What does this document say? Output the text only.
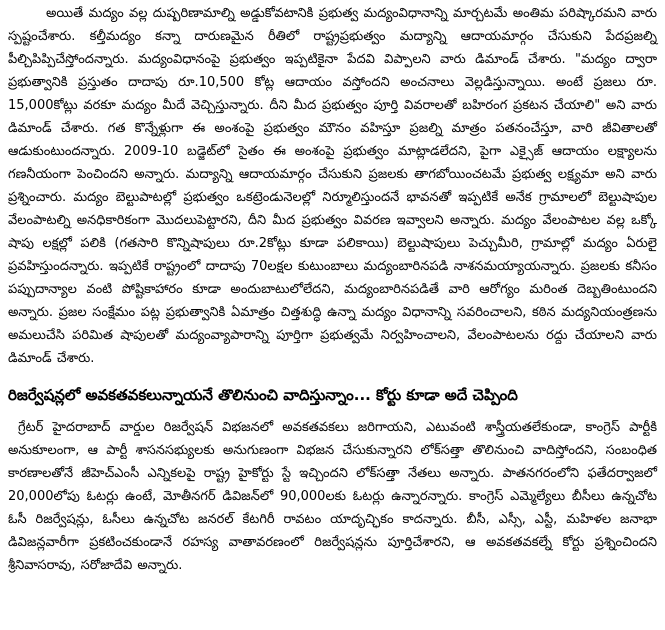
అయితే మద్యం వల్ల దుష్పరిణామాల్ని అడ్డుకోవటానికి ప్రభుత్వ మద్యంవిధానాన్ని మార్చటమే అంతిమ పరిష్కారమని వారు స్పష్టంచేశారు. కల్తీమద్యం కన్నా దారుణమైన రీతిలో రాష్ట్రప్రభుత్వం మద్యాన్ని ఆదాయమార్గం చేసుకుని పేదప్రజల్ని పీల్చిపిప్పిచేస్తోందన్నారు. మద్యంవిధానంపై ప్రభుత్వం ఇప్పటికైనా పేదవి విప్పాలని వారు డిమాండ్ చేశారు. "మద్యం ద్వారా ప్రభుత్వానికి ప్రస్తుతం దాదాపు రూ.10,500 కోట్ల ఆదాయం వస్తోందని అంచనాలు వెల్లడిస్తున్నాయి. అంటే ప్రజలు రూ. 15,000కోట్లు వరకూ మద్యం మీదే వెచ్చిస్తున్నారు. దీని మీద ప్రభుత్వం పూర్తి వివరాలతో బహిరంగ ప్రకటన చేయాలి" అని వారు డిమాండ్ చేశారు. గత కొన్నేళ్లుగా ఈ అంశంపై ప్రభుత్వం మౌనం వహిస్తూ ప్రజల్ని మాత్రం పతనంచేస్తూ, వారి జీవితాలతో ఆడుకుంటుందన్నారు. 2009-10 బడ్జెట్‌లో సైతం ఈ అంశంపై ప్రభుత్వం మాట్లాడలేదని, పైగా ఎక్సైజ్ ఆదాయం లక్ష్యాలను గణనీయంగా పెంచిందని అన్నారు. మద్యాన్ని ఆదాయమార్గం చేసుకుని ప్రజలకు తాగబోయించటమే ప్రభుత్వ లక్ష్యమా అని వారు ప్రశ్నించారు. మద్యం బెల్టుపాటల్లో ప్రభుత్వం ఒకట్రెండునెలల్లో నిర్మూలిస్తుందనే భావనతో ఇప్పటికే అనేక గ్రామాలలో బెల్టుషాపుల వేలంపాటల్ని అనధికారికంగా మొదలుపెట్టారని, దీని మీద ప్రభుత్వం వివరణ ఇవ్వాలని అన్నారు. మద్యం వేలంపాటల వల్ల ఒక్కో షాపు లక్షల్లో పలికి (గతసారి కొన్నిషాపులు రూ.2కోట్లు కూడా పలికాయి) బెల్టుషాపులు పెచ్చుమీరి, గ్రామాల్లో మద్యం ఏరులై ప్రవహిస్తుందన్నారు. ఇప్పటికే రాష్ట్రంలో దాదాపు 70లక్షల కుటుంబాలు మద్యంబారినపడి నాశనమయ్యాయన్నారు. ప్రజలకు కనీసం పప్పుదాన్యాల వంటి పోష్టికాహారం కూడా అందుబాటులోలేదని, మద్యంబారినపడితే వారి ఆరోగ్యం మరింత దెబ్బతింటుందని అన్నారు. ప్రజల సంక్షేమం పట్ల ప్రభుత్వానికి ఏమాత్రం చిత్తశుద్ధి ఉన్నా మద్యం విధానాన్ని సవరించాలని, కఠిన మద్యనియంత్రణను అమలుచేసి పరిమిత షాపులతో మద్యంవ్యాపారాన్ని పూర్తిగా ప్రభుత్వమే నిర్వహించాలని, వేలంపాటలను రద్దు చేయాలని వారు డిమాండ్ చేశారు.

రిజర్వేషన్లలో అవకతవకలున్నాయనే తొలినుంచి వాదిస్తున్నాం... కోర్టు కూడా అదే చెప్పింది

గ్రేటర్ హైదరాబాద్ వార్డుల రిజర్వేషన్ విభజనలో అవకతవకలు జరిగాయని, ఎటువంటి శాస్త్రీయతలేకుండా, కాంగ్రెస్ పార్టీకి అనుకూలంగా, ఆ పార్టీ శాసనసభ్యులకు అనుగుణంగా విభజన చేసుకున్నారని లోక్‌సత్తా తొలినుంచి వాదిస్తోందని, సంబంధిత కారణాలతోనే జీహెచ్ఎంసీ ఎన్నికలపై రాష్ట్ర హైకోర్టు స్టే ఇచ్చిందని లోక్‌సత్తా నేతలు అన్నారు. పాతనగరంలోని ఫతేదర్వాజలో 20,000లోపు ఓటర్లు ఉంటే, మోతీనగర్ డివిజన్‌లో 90,000లకు ఓటర్లు ఉన్నారన్నారు. కాంగ్రెస్ ఎమ్మెల్యేలు బీసీలు ఉన్నచోట ఓసీ రిజర్వేషన్లు, ఓసీలు ఉన్నచోట జనరల్ కేటగిరీ రావటం యాదృచ్ఛికం కాదన్నారు. బీసీ, ఎస్సీ, ఎస్టీ, మహిళల జనాభా డివిజన్లవారీగా ప్రకటించకుండానే రహస్య వాతావరణంలో రిజర్వేషన్లను పూర్తిచేశారని, ఆ అవకతవకల్నే కోర్టు ప్రశ్నించిందని శ్రీనివాసరావు, సరోజాదేవి అన్నారు.
